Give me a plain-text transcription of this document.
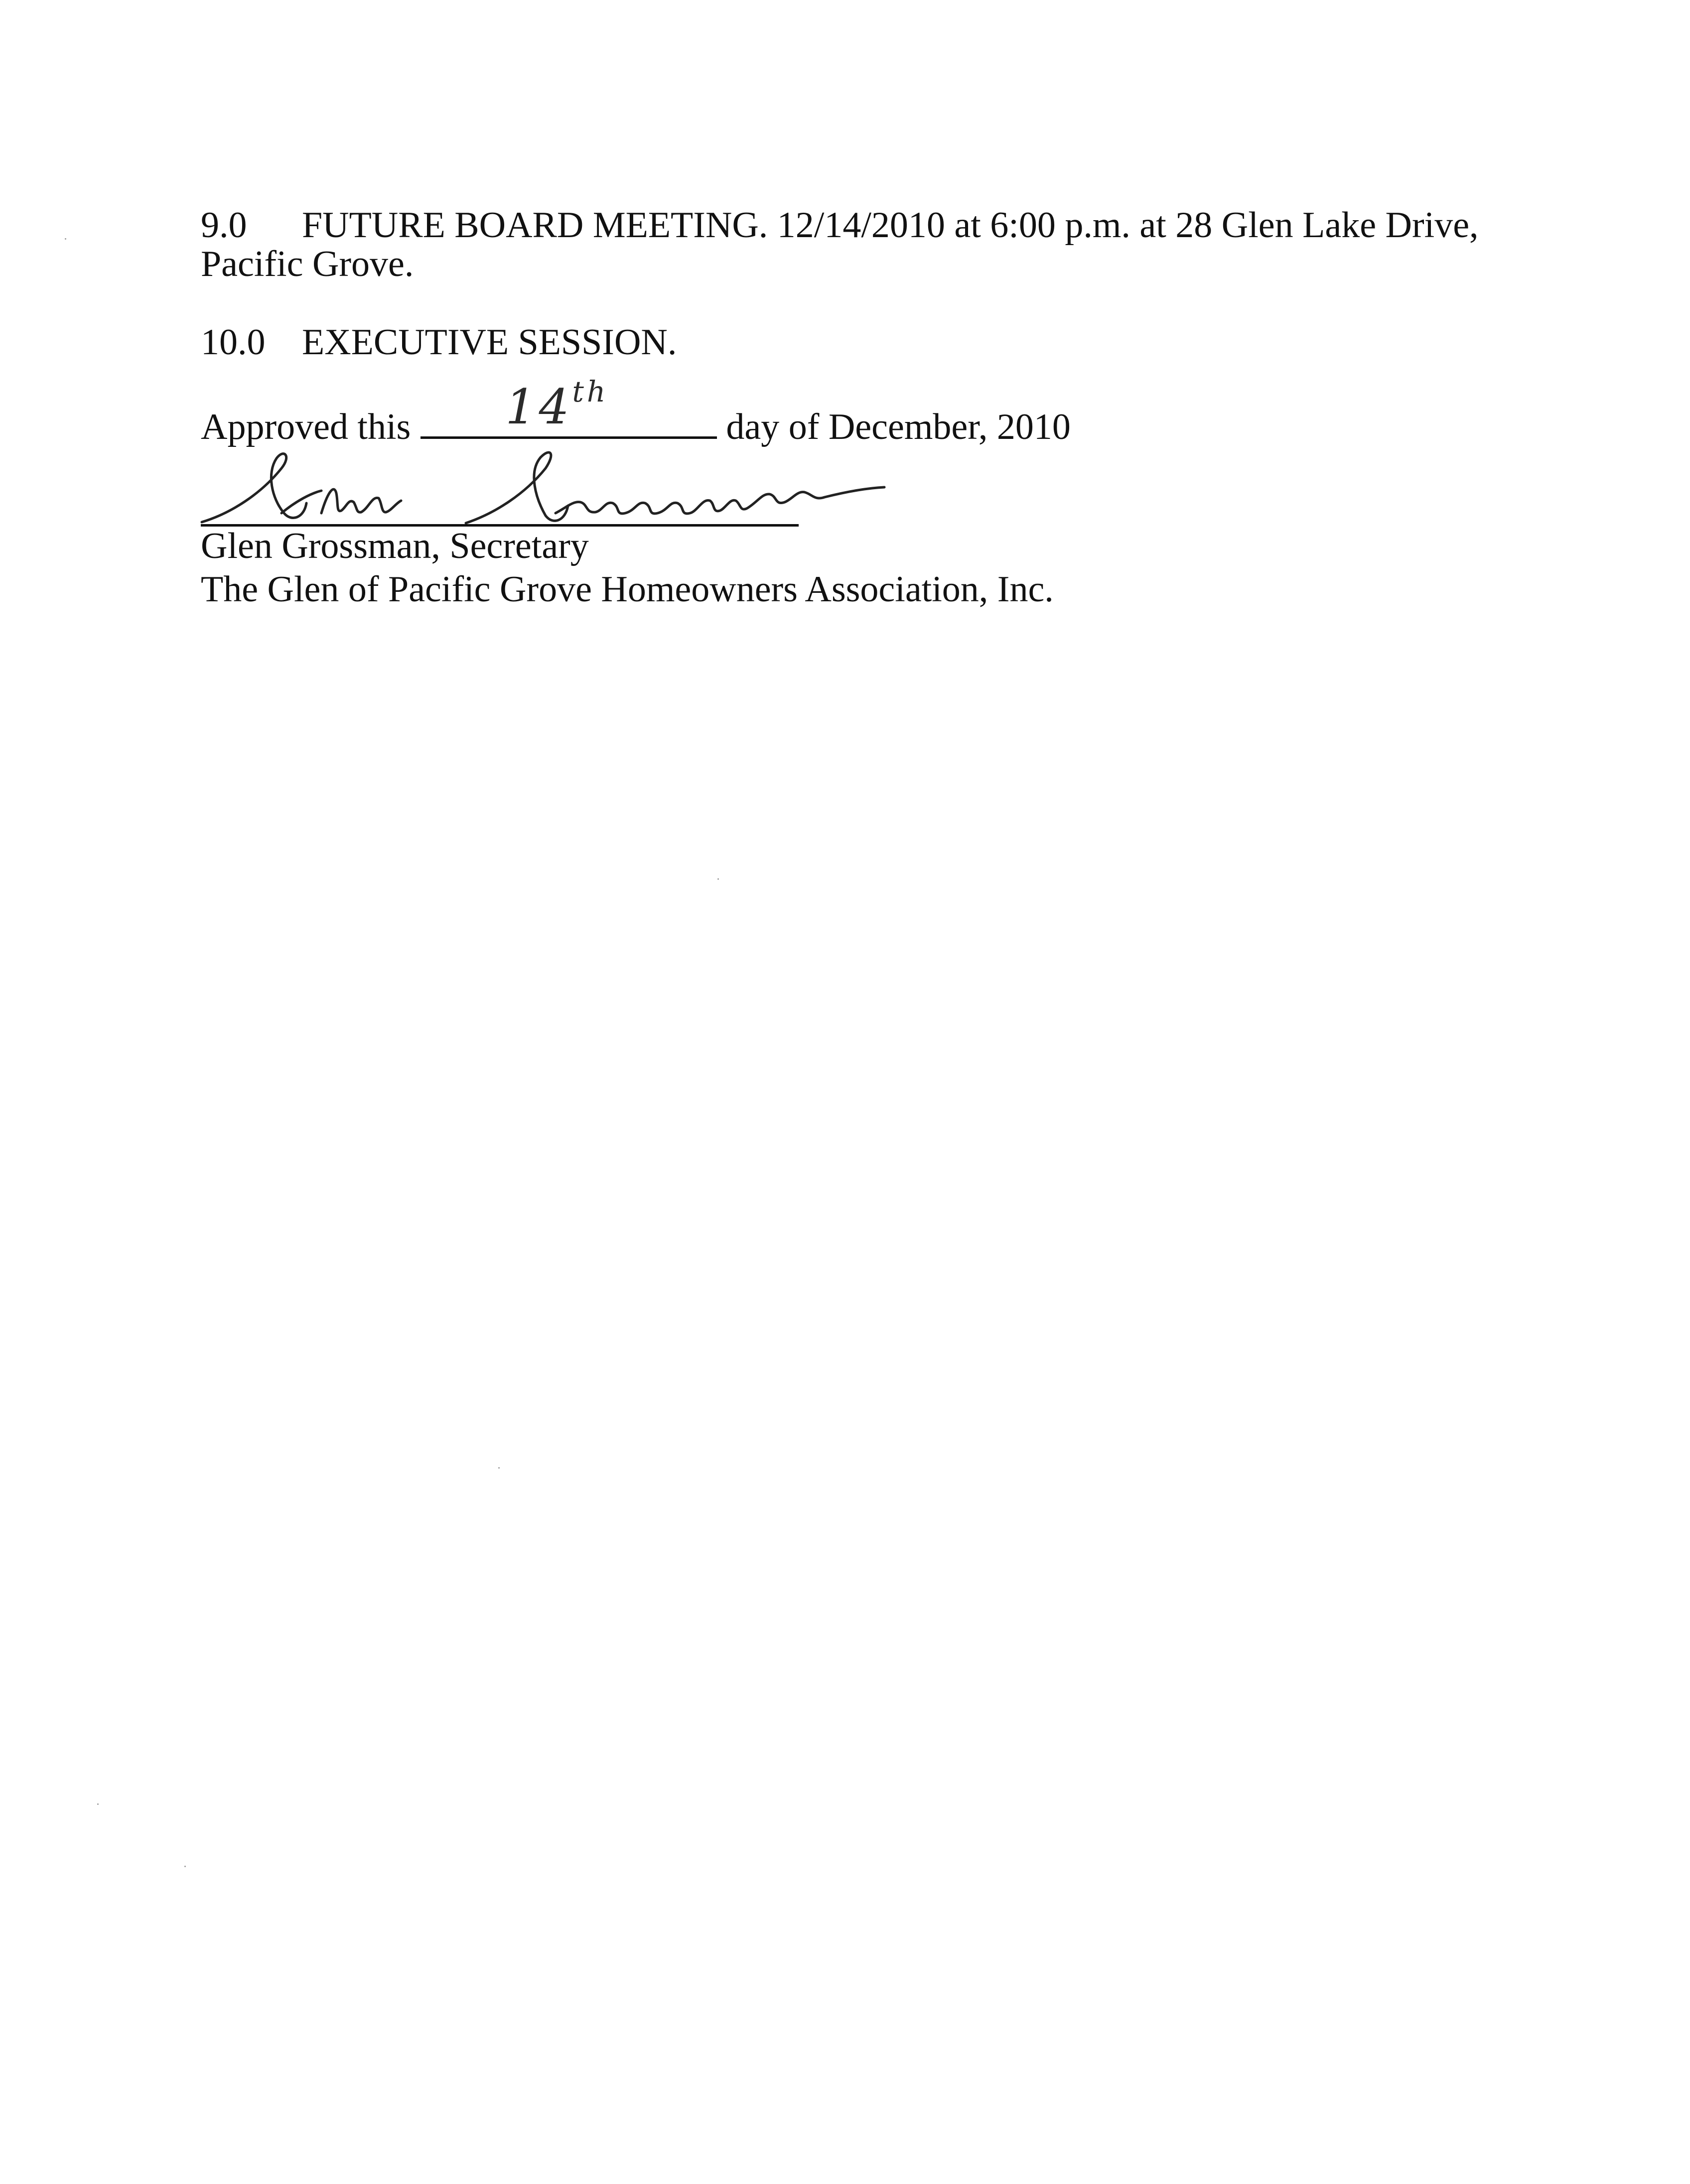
9.0 FUTURE BOARD MEETING. 12/14/2010 at 6:00 p.m. at 28 Glen Lake Drive,
Pacific Grove.
10.0 EXECUTIVE SESSION.
Approved this 14th
day of December, 2010
Glen Grossman, Secretary
The Glen of Pacific Grove Homeowners Association, Inc.
